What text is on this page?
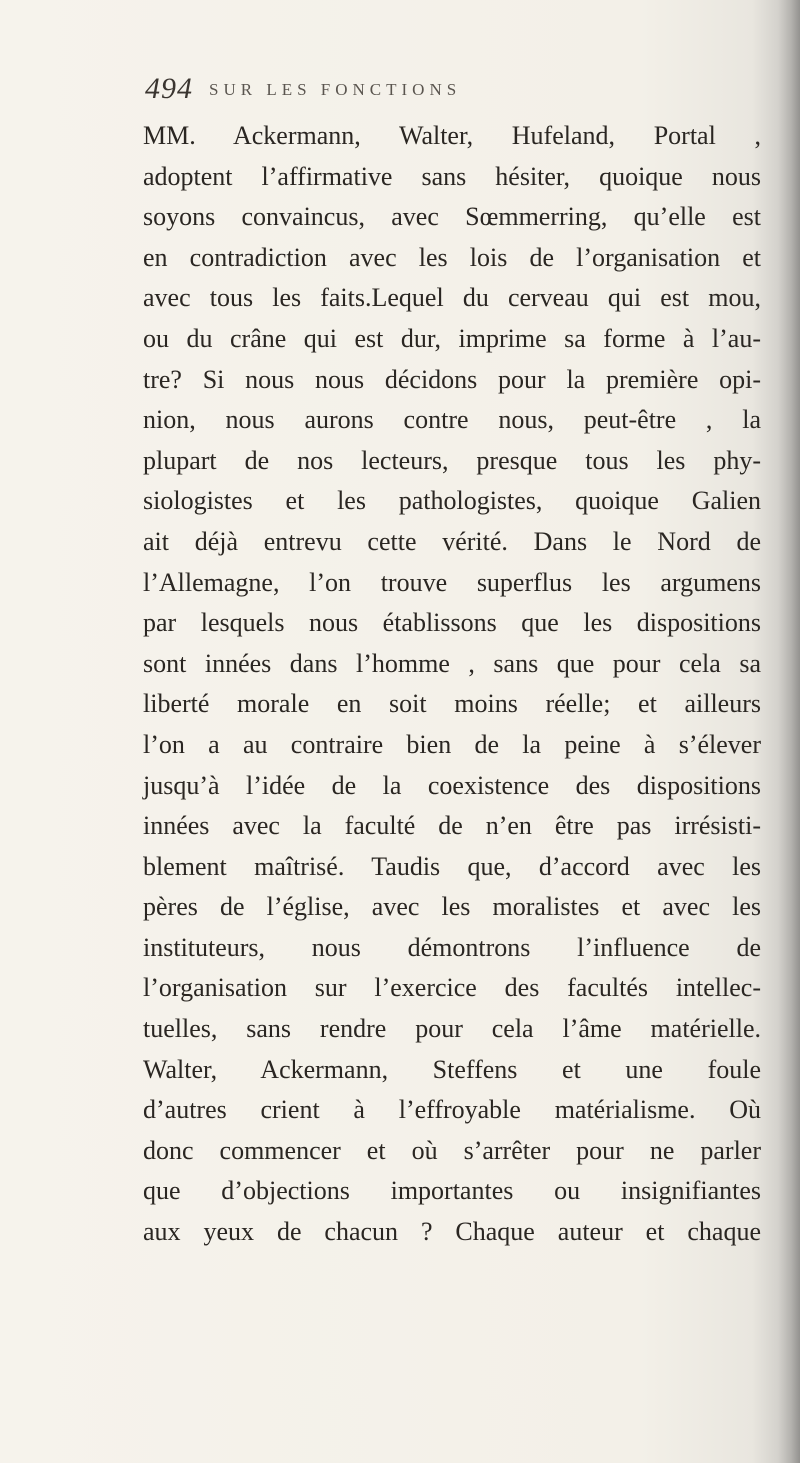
494 SUR LES FONCTIONS
MM. Ackermann, Walter, Hufeland, Portal ,
adoptent l’affirmative sans hésiter, quoique nous
soyons convaincus, avec Sœmmerring, qu’elle est
en contradiction avec les lois de l’organisation et
avec tous les faits.Lequel du cerveau qui est mou,
ou du crâne qui est dur, imprime sa forme à l’au-
tre? Si nous nous décidons pour la première opi-
nion, nous aurons contre nous, peut-être , la
plupart de nos lecteurs, presque tous les phy-
siologistes et les pathologistes, quoique Galien
ait déjà entrevu cette vérité. Dans le Nord de
l’Allemagne, l’on trouve superflus les argumens
par lesquels nous établissons que les dispositions
sont innées dans l’homme , sans que pour cela sa
liberté morale en soit moins réelle; et ailleurs
l’on a au contraire bien de la peine à s’élever
jusqu’à l’idée de la coexistence des dispositions
innées avec la faculté de n’en être pas irrésisti-
blement maîtrisé. Taudis que, d’accord avec les
pères de l’église, avec les moralistes et avec les
instituteurs, nous démontrons l’influence de
l’organisation sur l’exercice des facultés intellec-
tuelles, sans rendre pour cela l’âme matérielle.
Walter, Ackermann, Steffens et une foule
d’autres crient à l’effroyable matérialisme. Où
donc commencer et où s’arrêter pour ne parler
que d’objections importantes ou insignifiantes
aux yeux de chacun ? Chaque auteur et chaque
